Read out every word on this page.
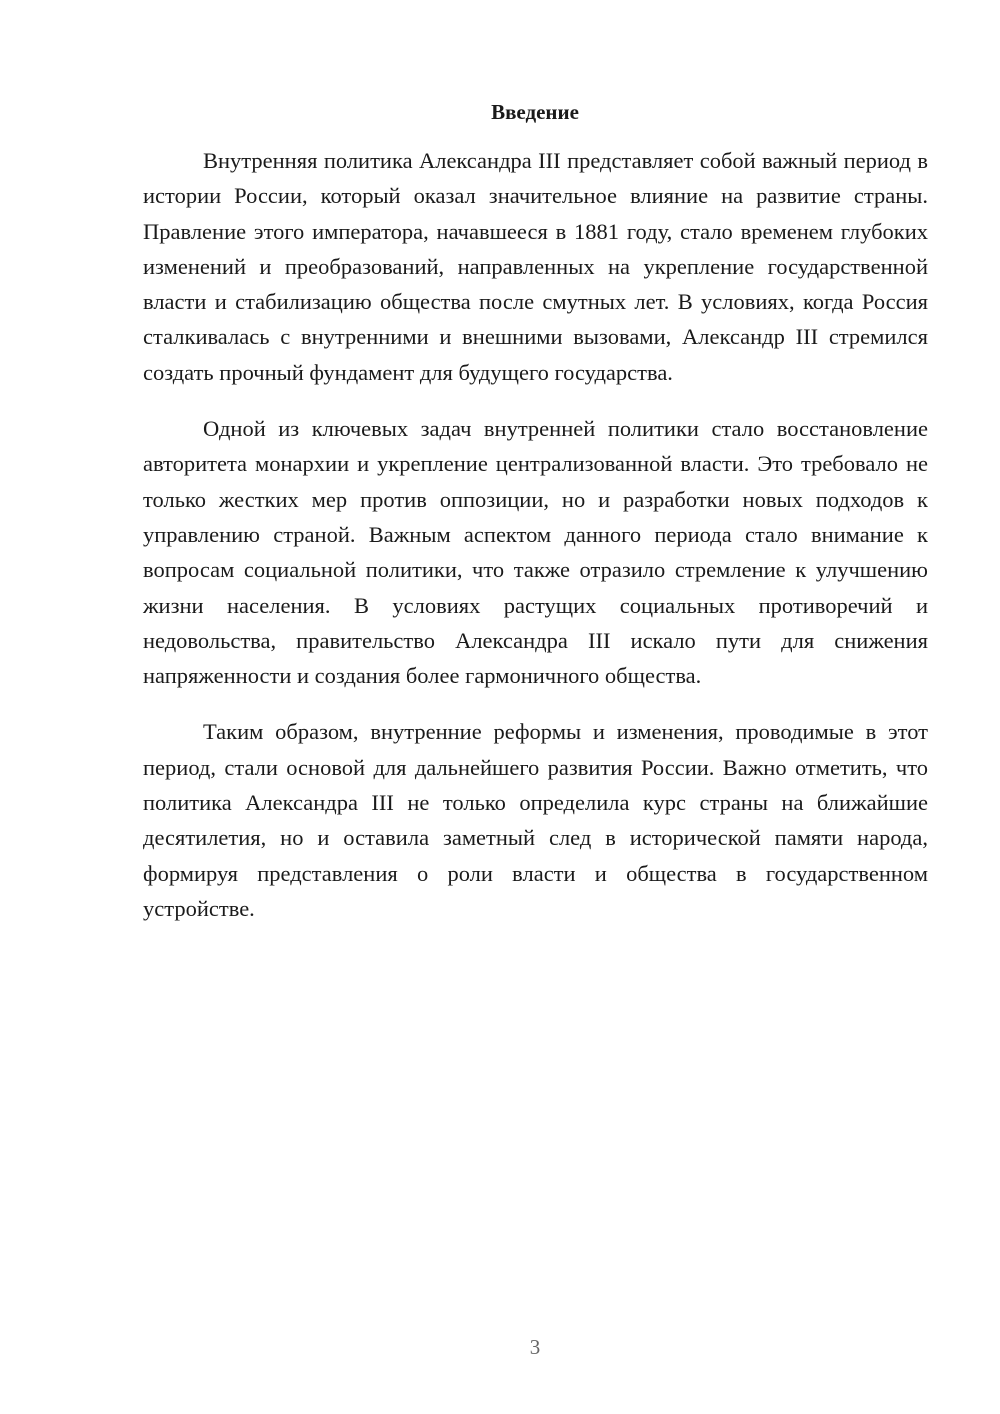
Введение

Внутренняя политика Александра III представляет собой важный период в истории России, который оказал значительное влияние на развитие страны. Правление этого императора, начавшееся в 1881 году, стало временем глубоких изменений и преобразований, направленных на укрепление государственной власти и стабилизацию общества после смутных лет. В условиях, когда Россия сталкивалась с внутренними и внешними вызовами, Александр III стремился создать прочный фундамент для будущего государства.

Одной из ключевых задач внутренней политики стало восстановление авторитета монархии и укрепление централизованной власти. Это требовало не только жестких мер против оппозиции, но и разработки новых подходов к управлению страной. Важным аспектом данного периода стало внимание к вопросам социальной политики, что также отразило стремление к улучшению жизни населения. В условиях растущих социальных противоречий и недовольства, правительство Александра III искало пути для снижения напряженности и создания более гармоничного общества.

Таким образом, внутренние реформы и изменения, проводимые в этот период, стали основой для дальнейшего развития России. Важно отметить, что политика Александра III не только определила курс страны на ближайшие десятилетия, но и оставила заметный след в исторической памяти народа, формируя представления о роли власти и общества в государственном устройстве.

3
